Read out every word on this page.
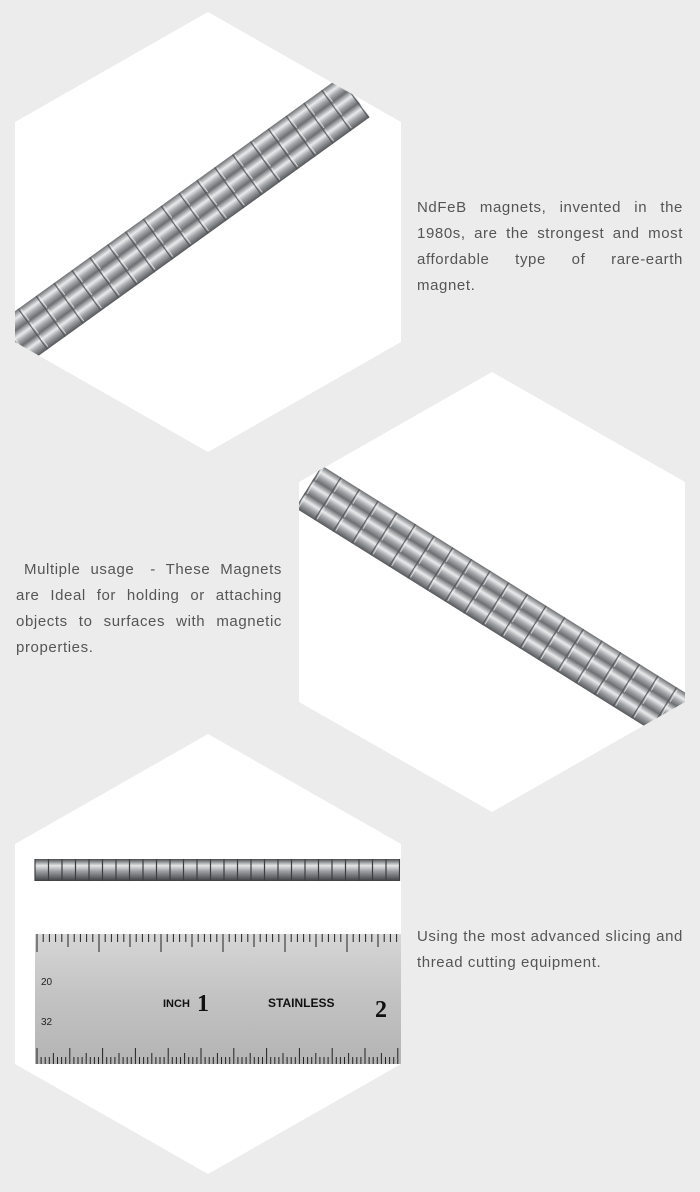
NdFeB magnets, invented in the 1980s, are the strongest and most affordable type of rare-earth magnet.
Multiple usage - These Magnets are Ideal for holding or attaching objects to surfaces with magnetic properties.
20
32
INCH 1	STAINLESS 2
Using the most advanced slicing and thread cutting equipment.
